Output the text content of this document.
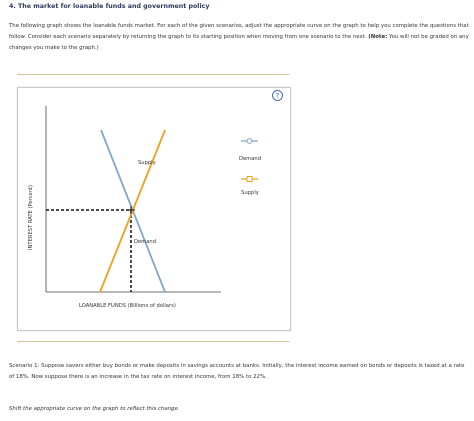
4. The market for loanable funds and government policy

The following graph shows the loanable funds market. For each of the given scenarios, adjust the appropriate curve on the graph to help you complete the questions that follow. Consider each scenario separately by returning the graph to its starting position when moving from one scenario to the next. (Note: You will not be graded on any changes you make to the graph.)

?
Supply
Demand
INTEREST RATE (Percent)
LOANABLE FUNDS (Billions of dollars)
Demand
Supply

Scenario 1: Suppose savers either buy bonds or make deposits in savings accounts at banks. Initially, the interest income earned on bonds or deposits is taxed at a rate of 18%. Now suppose there is an increase in the tax rate on interest income, from 18% to 22%.

Shift the appropriate curve on the graph to reflect this change.
